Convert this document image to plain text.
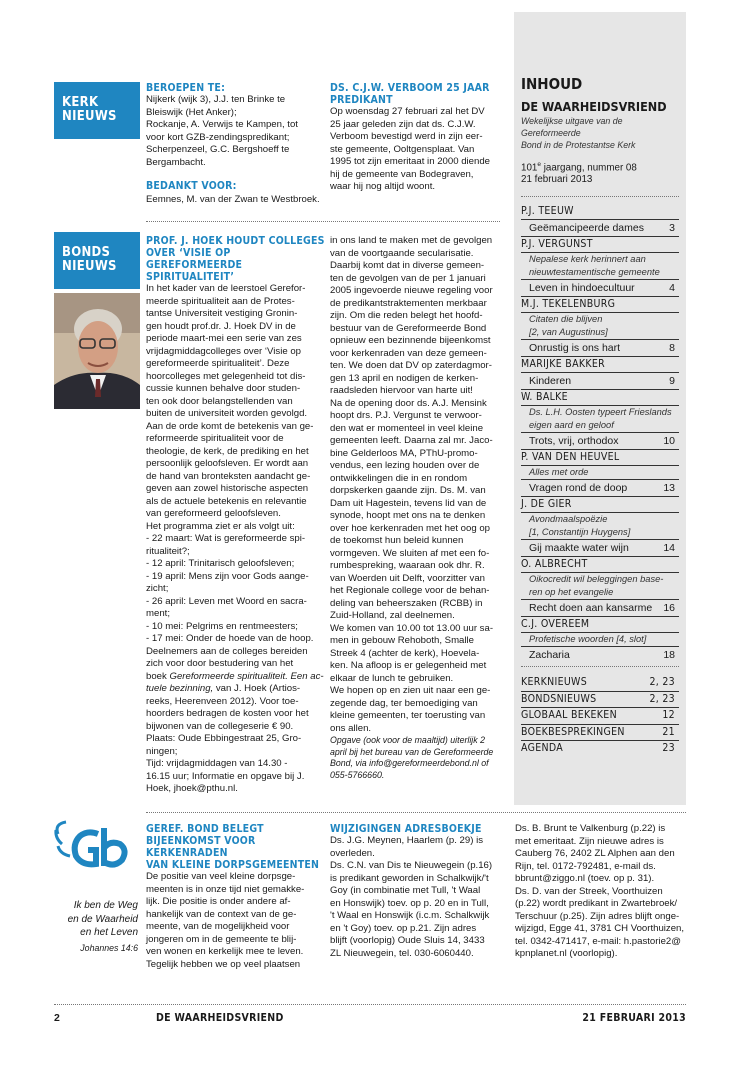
KERK
NIEUWS
BONDS
NIEUWS
Ik ben de Weg
en de Waarheid
en het Leven
Johannes 14:6
BEROEPEN TE:
Nijkerk (wijk 3), J.J. ten Brinke te
Bleiswijk (Het Anker);
Rockanje, A. Verwijs te Kampen, tot
voor kort GZB-zendingspredikant;
Scherpenzeel, G.C. Bergshoeff te
Bergambacht.
BEDANKT VOOR:
Eemnes, M. van der Zwan te Westbroek.
DS. C.J.W. VERBOOM 25 JAAR
PREDIKANT
Op woensdag 27 februari zal het DV
25 jaar geleden zijn dat ds. C.J.W.
Verboom bevestigd werd in zijn eer-
ste gemeente, Ooltgensplaat. Van
1995 tot zijn emeritaat in 2000 diende
hij de gemeente van Bodegraven,
waar hij nog altijd woont.
PROF. J. HOEK HOUDT COLLEGES
OVER ‘VISIE OP GEREFORMEERDE
SPIRITUALITEIT’
In het kader van de leerstoel Gerefor-
meerde spiritualiteit aan de Protes-
tantse Universiteit vestiging Gronin-
gen houdt prof.dr. J. Hoek DV in de
periode maart-mei een serie van zes
vrijdagmiddagcolleges over ‘Visie op
gereformeerde spiritualiteit’. Deze
hoorcolleges met gelegenheid tot dis-
cussie kunnen behalve door studen-
ten ook door belangstellenden van
buiten de universiteit worden gevolgd.
Aan de orde komt de betekenis van ge-
reformeerde spiritualiteit voor de
theologie, de kerk, de prediking en het
persoonlijk geloofsleven. Er wordt aan
de hand van bronteksten aandacht ge-
geven aan zowel historische aspecten
als de actuele betekenis en relevantie
van gereformeerd geloofsleven.
Het programma ziet er als volgt uit:
- 22 maart: Wat is gereformeerde spi-
ritualiteit?;
- 12 april: Trinitarisch geloofsleven;
- 19 april: Mens zijn voor Gods aange-
zicht;
- 26 april: Leven met Woord en sacra-
ment;
- 10 mei: Pelgrims en rentmeesters;
- 17 mei: Onder de hoede van de hoop.
Deelnemers aan de colleges bereiden
zich voor door bestudering van het
boek Gereformeerde spiritualiteit. Een ac-
tuele bezinning, van J. Hoek (Artios-
reeks, Heerenveen 2012). Voor toe-
hoorders bedragen de kosten voor het
bijwonen van de collegeserie € 90.
Plaats: Oude Ebbingestraat 25, Gro-
ningen;
Tijd: vrijdagmiddagen van 14.30 -
16.15 uur; Informatie en opgave bij J.
Hoek, jhoek@pthu.nl.
in ons land te maken met de gevolgen
van de voortgaande secularisatie.
Daarbij komt dat in diverse gemeen-
ten de gevolgen van de per 1 januari
2005 ingevoerde nieuwe regeling voor
de predikantstraktementen merkbaar
zijn. Om die reden belegt het hoofd-
bestuur van de Gereformeerde Bond
opnieuw een bezinnende bijeenkomst
voor kerkenraden van deze gemeen-
ten. We doen dat DV op zaterdagmor-
gen 13 april en nodigen de kerken-
raadsleden hiervoor van harte uit!
Na de opening door ds. A.J. Mensink
hoopt drs. P.J. Vergunst te verwoor-
den wat er momenteel in veel kleine
gemeenten leeft. Daarna zal mr. Jaco-
bine Gelderloos MA, PThU-promo-
vendus, een lezing houden over de
ontwikkelingen die in en rondom
dorpskerken gaande zijn. Ds. M. van
Dam uit Hagestein, tevens lid van de
synode, hoopt met ons na te denken
over hoe kerkenraden met het oog op
de toekomst hun beleid kunnen
vormgeven. We sluiten af met een fo-
rumbespreking, waaraan ook dhr. R.
van Woerden uit Delft, voorzitter van
het Regionale college voor de behan-
deling van beheerszaken (RCBB) in
Zuid-Holland, zal deelnemen.
We komen van 10.00 tot 13.00 uur sa-
men in gebouw Rehoboth, Smalle
Streek 4 (achter de kerk), Hoevela-
ken. Na afloop is er gelegenheid met
elkaar de lunch te gebruiken.
We hopen op en zien uit naar een ge-
zegende dag, ter bemoediging van
kleine gemeenten, ter toerusting van
ons allen.
Opgave (ook voor de maaltijd) uiterlijk 2
april bij het bureau van de Gereformeerde
Bond, via info@gereformeerdebond.nl of
055-5766660.
GEREF. BOND BELEGT
BIJEENKOMST VOOR KERKENRADEN
VAN KLEINE DORPSGEMEENTEN
De positie van veel kleine dorpsge-
meenten is in onze tijd niet gemakke-
lijk. Die positie is onder andere af-
hankelijk van de context van de ge-
meente, van de mogelijkheid voor
jongeren om in de gemeente te blij-
ven wonen en kerkelijk mee te leven.
Tegelijk hebben we op veel plaatsen
WIJZIGINGEN ADRESBOEKJE
Ds. J.G. Meynen, Haarlem (p. 29) is
overleden.
Ds. C.N. van Dis te Nieuwegein (p.16)
is predikant geworden in Schalkwijk/'t
Goy (in combinatie met Tull, 't Waal
en Honswijk) toev. op p. 20 en in Tull,
't Waal en Honswijk (i.c.m. Schalkwijk
en 't Goy) toev. op p.21. Zijn adres
blijft (voorlopig) Oude Sluis 14, 3433
ZL Nieuwegein, tel. 030-6060440.
Ds. B. Brunt te Valkenburg (p.22) is
met emeritaat. Zijn nieuwe adres is
Cauberg 76, 2402 ZL Alphen aan den
Rijn, tel. 0172-792481, e-mail ds.
bbrunt@ziggo.nl (toev. op p. 31).
Ds. D. van der Streek, Voorthuizen
(p.22) wordt predikant in Zwartebroek/
Terschuur (p.25). Zijn adres blijft onge-
wijzigd, Egge 41, 3781 CH Voorthuizen,
tel. 0342-471417, e-mail: h.pastorie2@
kpnplanet.nl (voorlopig).
INHOUD
DE WAARHEIDSVRIEND
Wekelijkse uitgave van de Gereformeerde
Bond in de Protestantse Kerk
101e jaargang, nummer 08
21 februari 2013
P.J. TEEUW
Geëmancipeerde dames 3
P.J. VERGUNST
Nepalese kerk herinnert aan
nieuwtestamentische gemeente
Leven in hindoecultuur	4
M.J. TEKELENBURG
Citaten die blijven
[2, van Augustinus]
Onrustig is ons hart	8
MARIJKE BAKKER
Kinderen	9
W. BALKE
Ds. L.H. Oosten typeert Frieslands
eigen aard en geloof
Trots, vrij, orthodox	10
P. VAN DEN HEUVEL
Alles met orde
Vragen rond de doop	13
J. DE GIER
Avondmaalspoëzie
[1, Constantijn Huygens]
Gij maakte water wijn	14
O. ALBRECHT
Oikocredit wil beleggingen base-
ren op het evangelie
Recht doen aan kansarme 16
C.J. OVEREEM
Profetische woorden [4, slot]
Zacharia	18
KERKNIEUWS	2, 23
BONDSNIEUWS	2, 23
GLOBAAL BEKEKEN	12
BOEKBESPREKINGEN	21
AGENDA	23
2	DE WAARHEIDSVRIEND	21 FEBRUARI 2013
